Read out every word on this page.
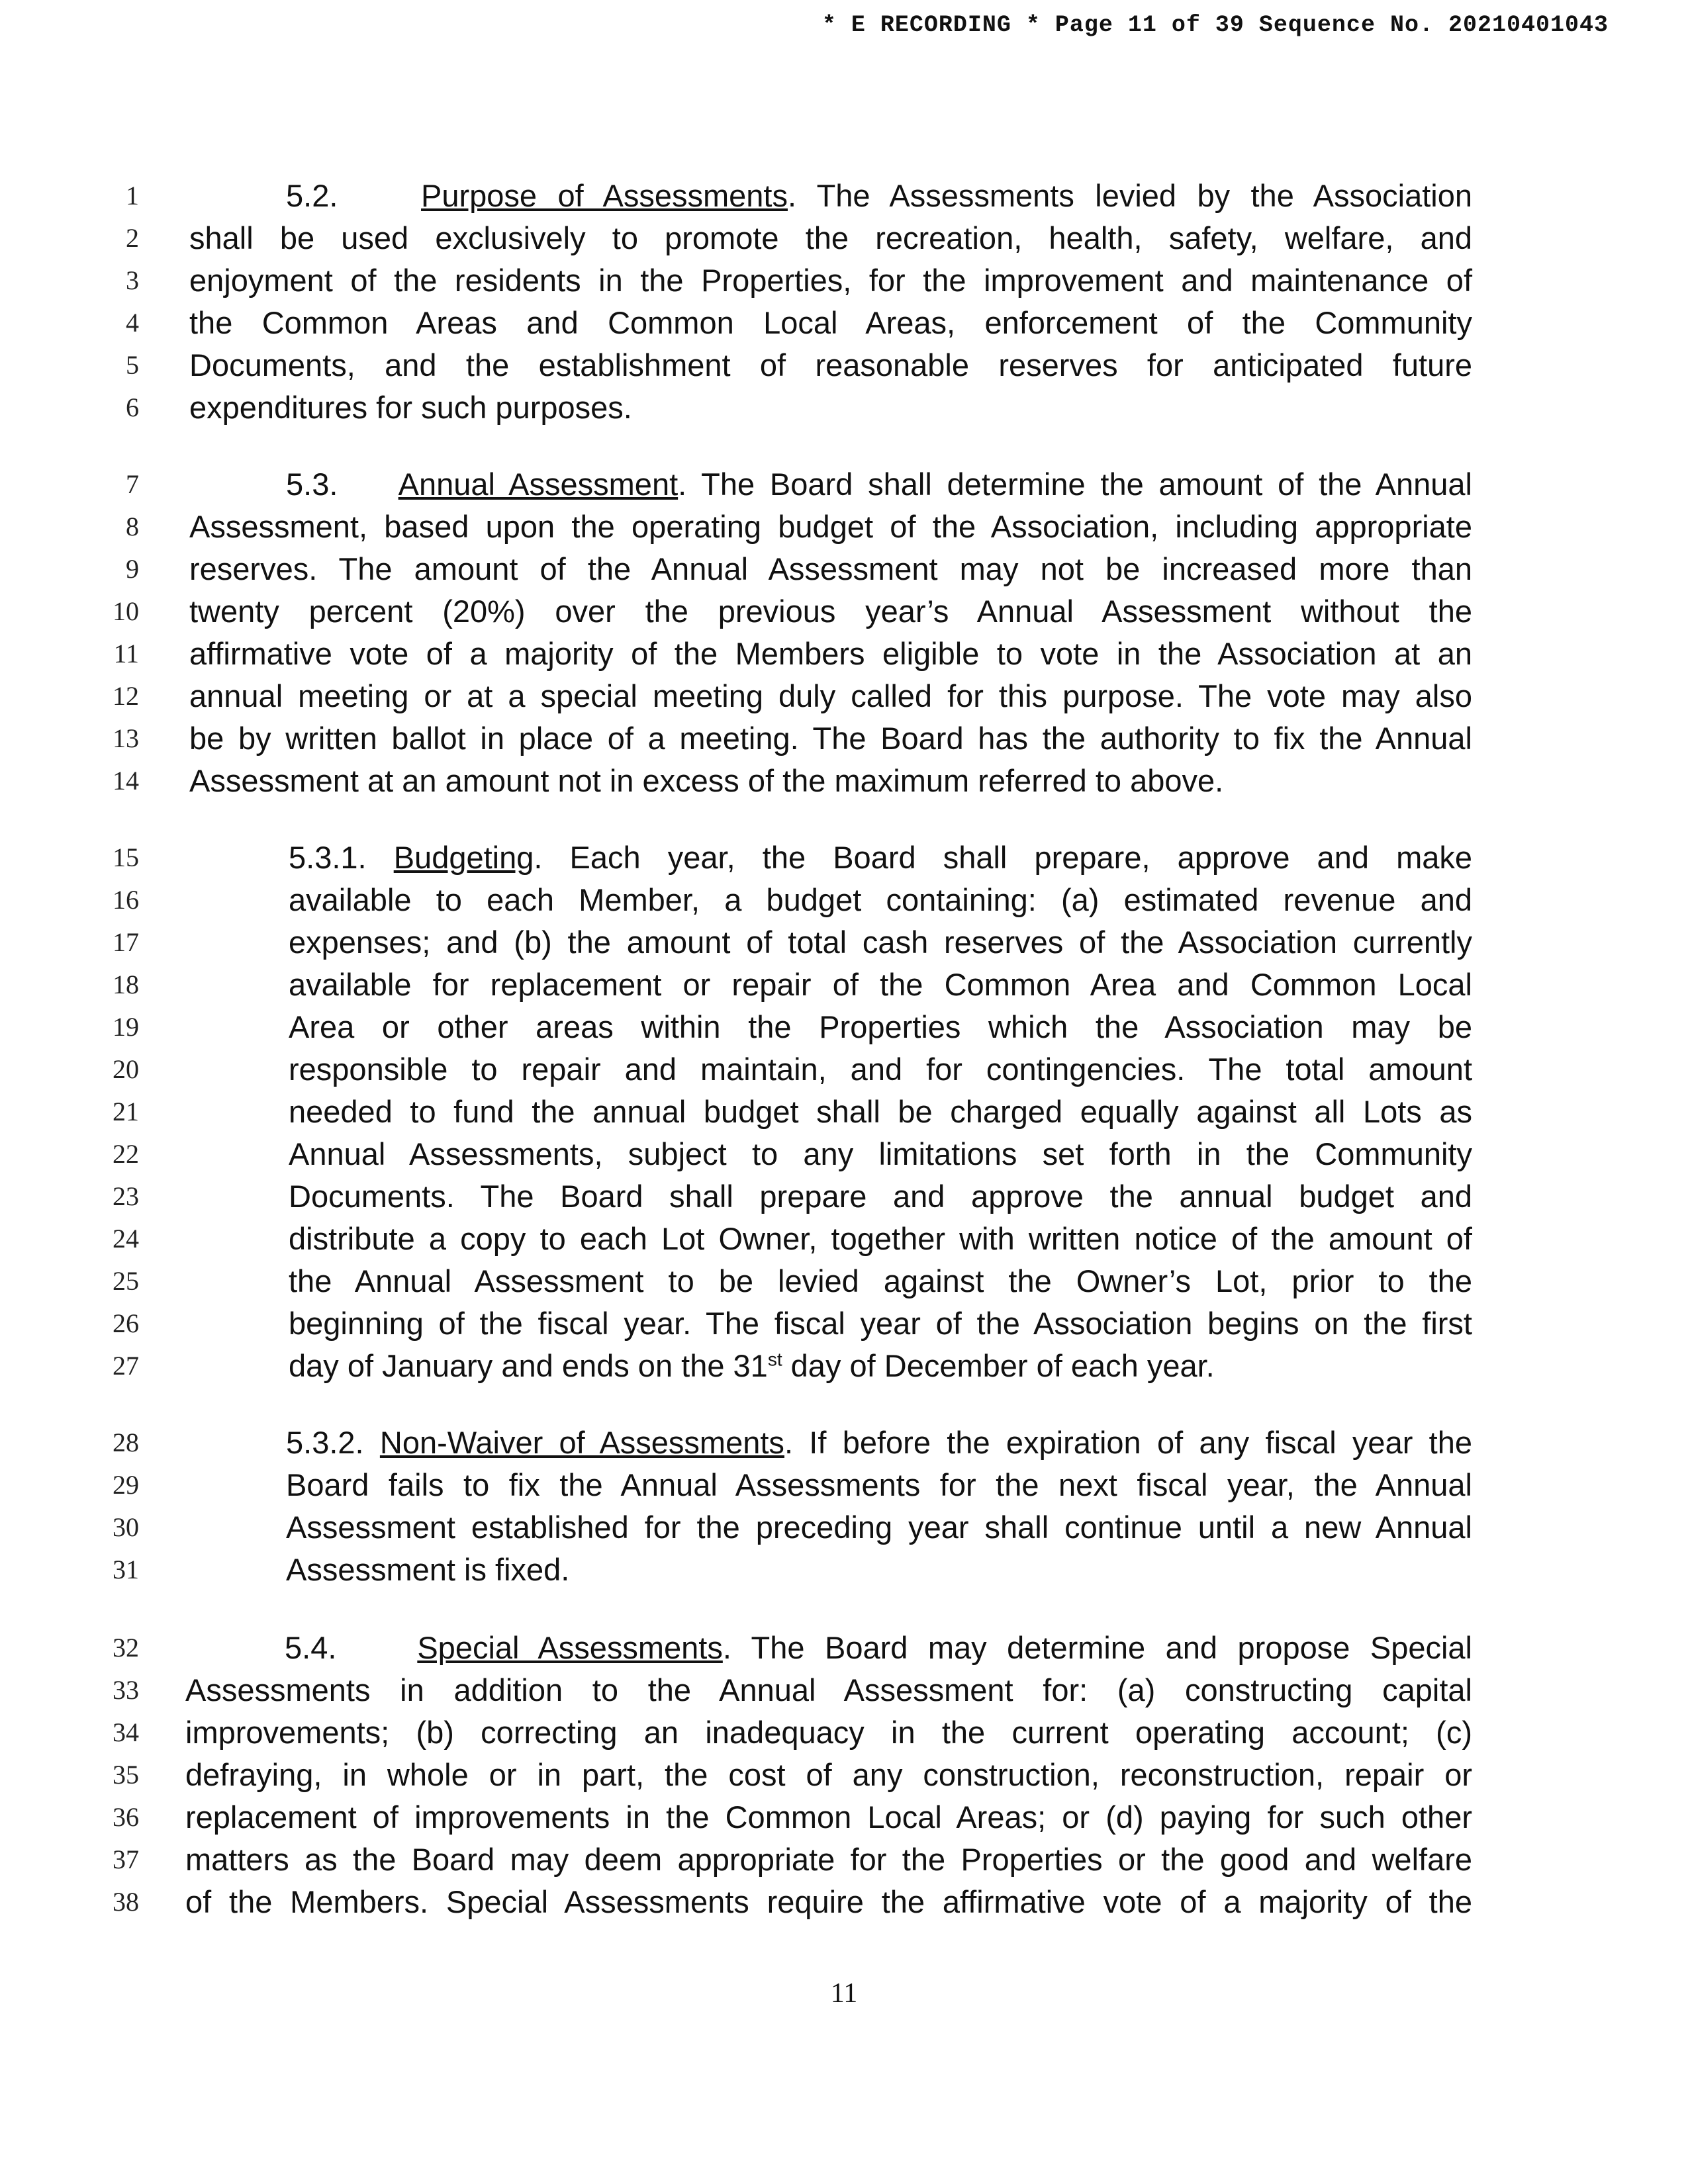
* E RECORDING * Page 11 of 39 Sequence No. 20210401043
1	5.2.	Purpose of Assessments. The Assessments levied by the Association
2 shall be used exclusively to promote the recreation, health, safety, welfare, and
3 enjoyment of the residents in the Properties, for the improvement and maintenance of
4 the Common Areas and Common Local Areas, enforcement of the Community
5 Documents, and the establishment of reasonable reserves for anticipated future
6 expenditures for such purposes.
7	5.3. Annual Assessment. The Board shall determine the amount of the Annual
8 Assessment, based upon the operating budget of the Association, including appropriate
9 reserves. The amount of the Annual Assessment may not be increased more than
10 twenty percent (20%) over the previous year’s Annual Assessment without the
11 affirmative vote of a majority of the Members eligible to vote in the Association at an
12 annual meeting or at a special meeting duly called for this purpose. The vote may also
13 be by written ballot in place of a meeting. The Board has the authority to fix the Annual
14 Assessment at an amount not in excess of the maximum referred to above.
15	5.3.1. Budgeting. Each year, the Board shall prepare, approve and make
16	available to each Member, a budget containing: (a) estimated revenue and
17	expenses; and (b) the amount of total cash reserves of the Association currently
18	available for replacement or repair of the Common Area and Common Local
19	Area or other areas within the Properties which the Association may be
20	responsible to repair and maintain, and for contingencies. The total amount
21	needed to fund the annual budget shall be charged equally against all Lots as
22	Annual Assessments, subject to any limitations set forth in the Community
23	Documents. The Board shall prepare and approve the annual budget and
24	distribute a copy to each Lot Owner, together with written notice of the amount of
25	the Annual Assessment to be levied against the Owner’s Lot, prior to the
26	beginning of the fiscal year. The fiscal year of the Association begins on the first
27	day of January and ends on the 31st day of December of each year.
28	5.3.2. Non-Waiver of Assessments. If before the expiration of any fiscal year the
29	Board fails to fix the Annual Assessments for the next fiscal year, the Annual
30	Assessment established for the preceding year shall continue until a new Annual
31	Assessment is fixed.
32	5.4.	Special Assessments. The Board may determine and propose Special
33 Assessments in addition to the Annual Assessment for: (a) constructing capital
34 improvements; (b) correcting an inadequacy in the current operating account; (c)
35 defraying, in whole or in part, the cost of any construction, reconstruction, repair or
36 replacement of improvements in the Common Local Areas; or (d) paying for such other
37 matters as the Board may deem appropriate for the Properties or the good and welfare
38 of the Members. Special Assessments require the affirmative vote of a majority of the
11
